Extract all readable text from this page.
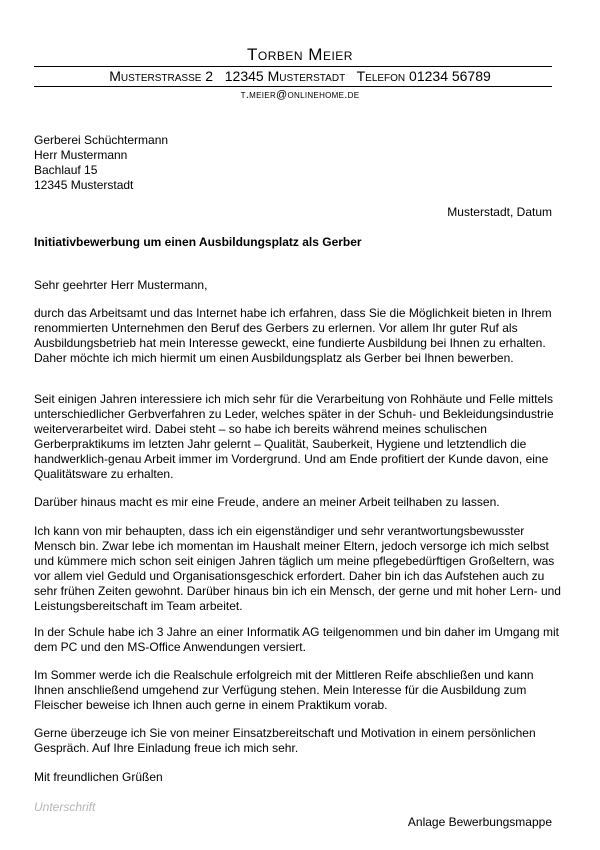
Torben Meier
Musterstraße 2   12345 Musterstadt   Telefon 01234 56789
t.meier@onlinehome.de
Gerberei Schüchtermann
Herr Mustermann
Bachlauf 15
12345 Musterstadt
Musterstadt, Datum
Initiativbewerbung um einen Ausbildungsplatz als Gerber
Sehr geehrter Herr Mustermann,
durch das Arbeitsamt und das Internet habe ich erfahren, dass Sie die Möglichkeit bieten in Ihrem renommierten Unternehmen den Beruf des Gerbers zu erlernen. Vor allem Ihr guter Ruf als Ausbildungsbetrieb hat mein Interesse geweckt, eine fundierte Ausbildung bei Ihnen zu erhalten. Daher möchte ich mich hiermit um einen Ausbildungsplatz als Gerber bei Ihnen bewerben.
Seit einigen Jahren interessiere ich mich sehr für die Verarbeitung von Rohhäute und Felle mittels unterschiedlicher Gerbverfahren zu Leder, welches später in der Schuh- und Bekleidungsindustrie weiterverarbeitet wird. Dabei steht – so habe ich bereits während meines schulischen Gerberpraktikums im letzten Jahr gelernt – Qualität, Sauberkeit, Hygiene und letztendlich die handwerklich-genau Arbeit immer im Vordergrund. Und am Ende profitiert der Kunde davon, eine Qualitätsware zu erhalten.
Darüber hinaus macht es mir eine Freude, andere an meiner Arbeit teilhaben zu lassen.
Ich kann von mir behaupten, dass ich ein eigenständiger und sehr verantwortungsbewusster Mensch bin. Zwar lebe ich momentan im Haushalt meiner Eltern, jedoch versorge ich mich selbst und kümmere mich schon seit einigen Jahren täglich um meine pflegebedürftigen Großeltern, was vor allem viel Geduld und Organisationsgeschick erfordert. Daher bin ich das Aufstehen auch zu sehr frühen Zeiten gewohnt. Darüber hinaus bin ich ein Mensch, der gerne und mit hoher Lern- und Leistungsbereitschaft im Team arbeitet.
In der Schule habe ich 3 Jahre an einer Informatik AG teilgenommen und bin daher im Umgang mit dem PC und den MS-Office Anwendungen versiert.
Im Sommer werde ich die Realschule erfolgreich mit der Mittleren Reife abschließen und kann Ihnen anschließend umgehend zur Verfügung stehen. Mein Interesse für die Ausbildung zum Fleischer beweise ich Ihnen auch gerne in einem Praktikum vorab.
Gerne überzeuge ich Sie von meiner Einsatzbereitschaft und Motivation in einem persönlichen Gespräch. Auf Ihre Einladung freue ich mich sehr.
Mit freundlichen Grüßen
Unterschrift
Anlage Bewerbungsmappe
